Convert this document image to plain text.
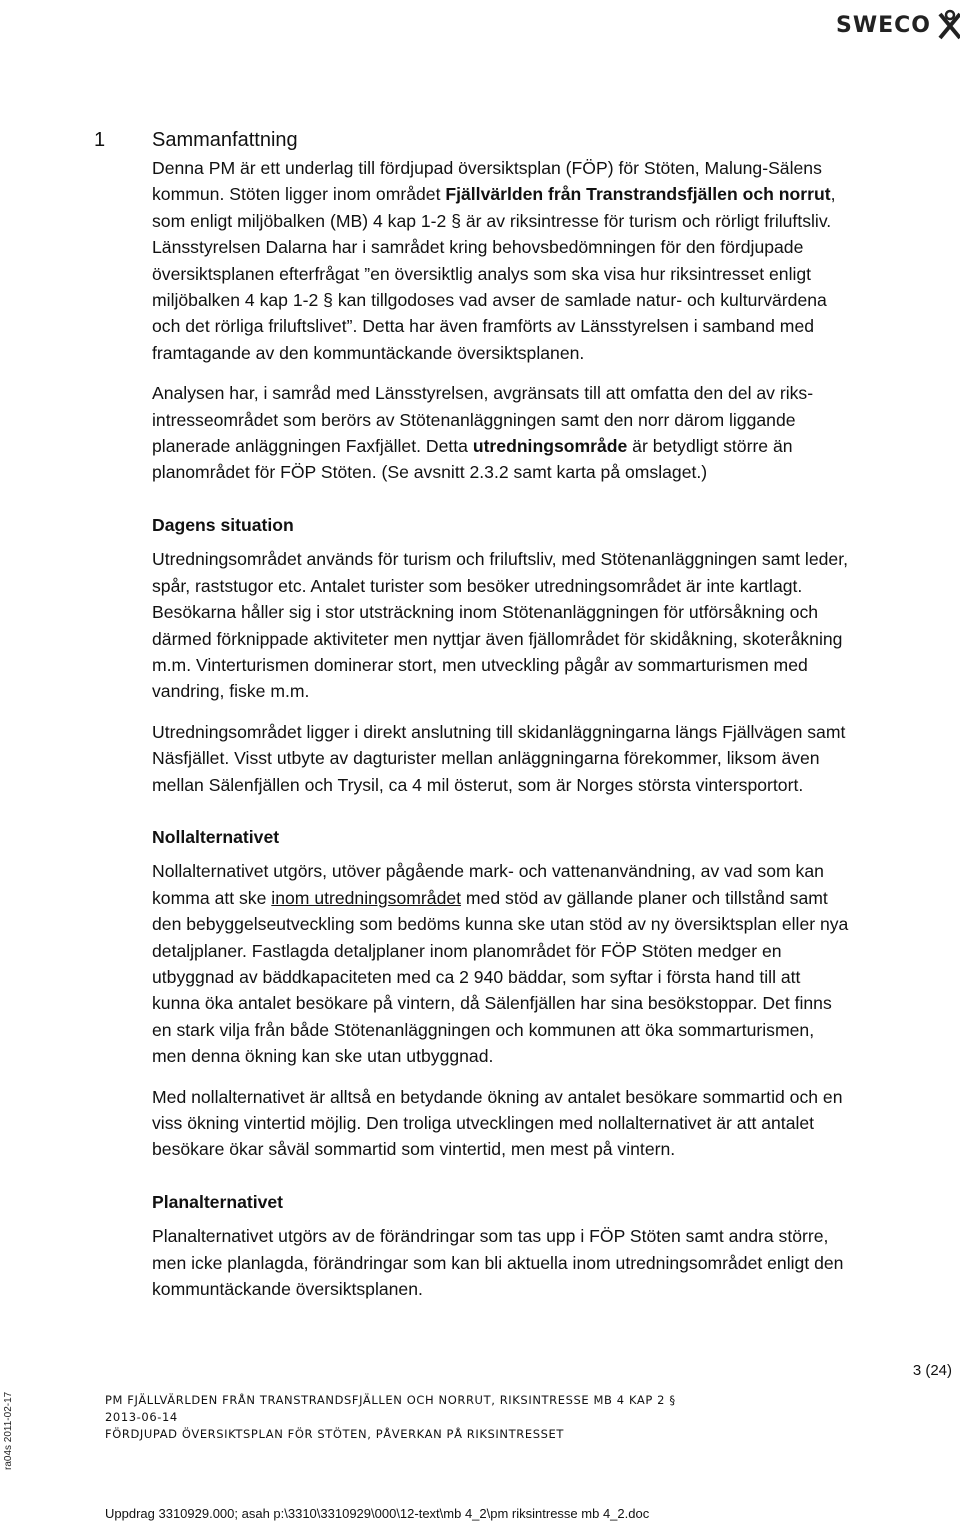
SWECO
1 Sammanfattning

Denna PM är ett underlag till fördjupad översiktsplan (FÖP) för Stöten, Malung-Sälens
kommun. Stöten ligger inom området Fjällvärlden från Transtrandsfjällen och norrut,
som enligt miljöbalken (MB) 4 kap 1-2 § är av riksintresse för turism och rörligt friluftsliv.
Länsstyrelsen Dalarna har i samrådet kring behovsbedömningen för den fördjupade
översiktsplanen efterfrågat ”en översiktlig analys som ska visa hur riksintresset enligt
miljöbalken 4 kap 1-2 § kan tillgodoses vad avser de samlade natur- och kulturvärdena
och det rörliga friluftslivet”. Detta har även framförts av Länsstyrelsen i samband med
framtagande av den kommuntäckande översiktsplanen.

Analysen har, i samråd med Länsstyrelsen, avgränsats till att omfatta den del av riks-
intresseområdet som berörs av Stötenanläggningen samt den norr därom liggande
planerade anläggningen Faxfjället. Detta utredningsområde är betydligt större än
planområdet för FÖP Stöten. (Se avsnitt 2.3.2 samt karta på omslaget.)

Dagens situation

Utredningsområdet används för turism och friluftsliv, med Stötenanläggningen samt leder,
spår, raststugor etc. Antalet turister som besöker utredningsområdet är inte kartlagt.
Besökarna håller sig i stor utsträckning inom Stötenanläggningen för utförsåkning och
därmed förknippade aktiviteter men nyttjar även fjällområdet för skidåkning, skoteråkning
m.m. Vinterturismen dominerar stort, men utveckling pågår av sommarturismen med
vandring, fiske m.m.

Utredningsområdet ligger i direkt anslutning till skidanläggningarna längs Fjällvägen samt
Näsfjället. Visst utbyte av dagturister mellan anläggningarna förekommer, liksom även
mellan Sälenfjällen och Trysil, ca 4 mil österut, som är Norges största vintersportort.

Nollalternativet

Nollalternativet utgörs, utöver pågående mark- och vattenanvändning, av vad som kan
komma att ske inom utredningsområdet med stöd av gällande planer och tillstånd samt
den bebyggelseutveckling som bedöms kunna ske utan stöd av ny översiktsplan eller nya
detaljplaner. Fastlagda detaljplaner inom planområdet för FÖP Stöten medger en
utbyggnad av bäddkapaciteten med ca 2 940 bäddar, som syftar i första hand till att
kunna öka antalet besökare på vintern, då Sälenfjällen har sina besökstoppar. Det finns
en stark vilja från både Stötenanläggningen och kommunen att öka sommarturismen,
men denna ökning kan ske utan utbyggnad.

Med nollalternativet är alltså en betydande ökning av antalet besökare sommartid och en
viss ökning vintertid möjlig. Den troliga utvecklingen med nollalternativet är att antalet
besökare ökar såväl sommartid som vintertid, men mest på vintern.

Planalternativet

Planalternativet utgörs av de förändringar som tas upp i FÖP Stöten samt andra större,
men icke planlagda, förändringar som kan bli aktuella inom utredningsområdet enligt den
kommuntäckande översiktsplanen.

ra04s 2011-02-17
3 (24)
PM FJÄLLVÄRLDEN FRÅN TRANSTRANDSFJÄLLEN OCH NORRUT, RIKSINTRESSE MB 4 KAP 2 §
2013-06-14
FÖRDJUPAD ÖVERSIKTSPLAN FÖR STÖTEN, PÅVERKAN PÅ RIKSINTRESSET
Uppdrag 3310929.000; asah p:\3310\3310929\000\12-text\mb 4_2\pm riksintresse mb 4_2.doc
